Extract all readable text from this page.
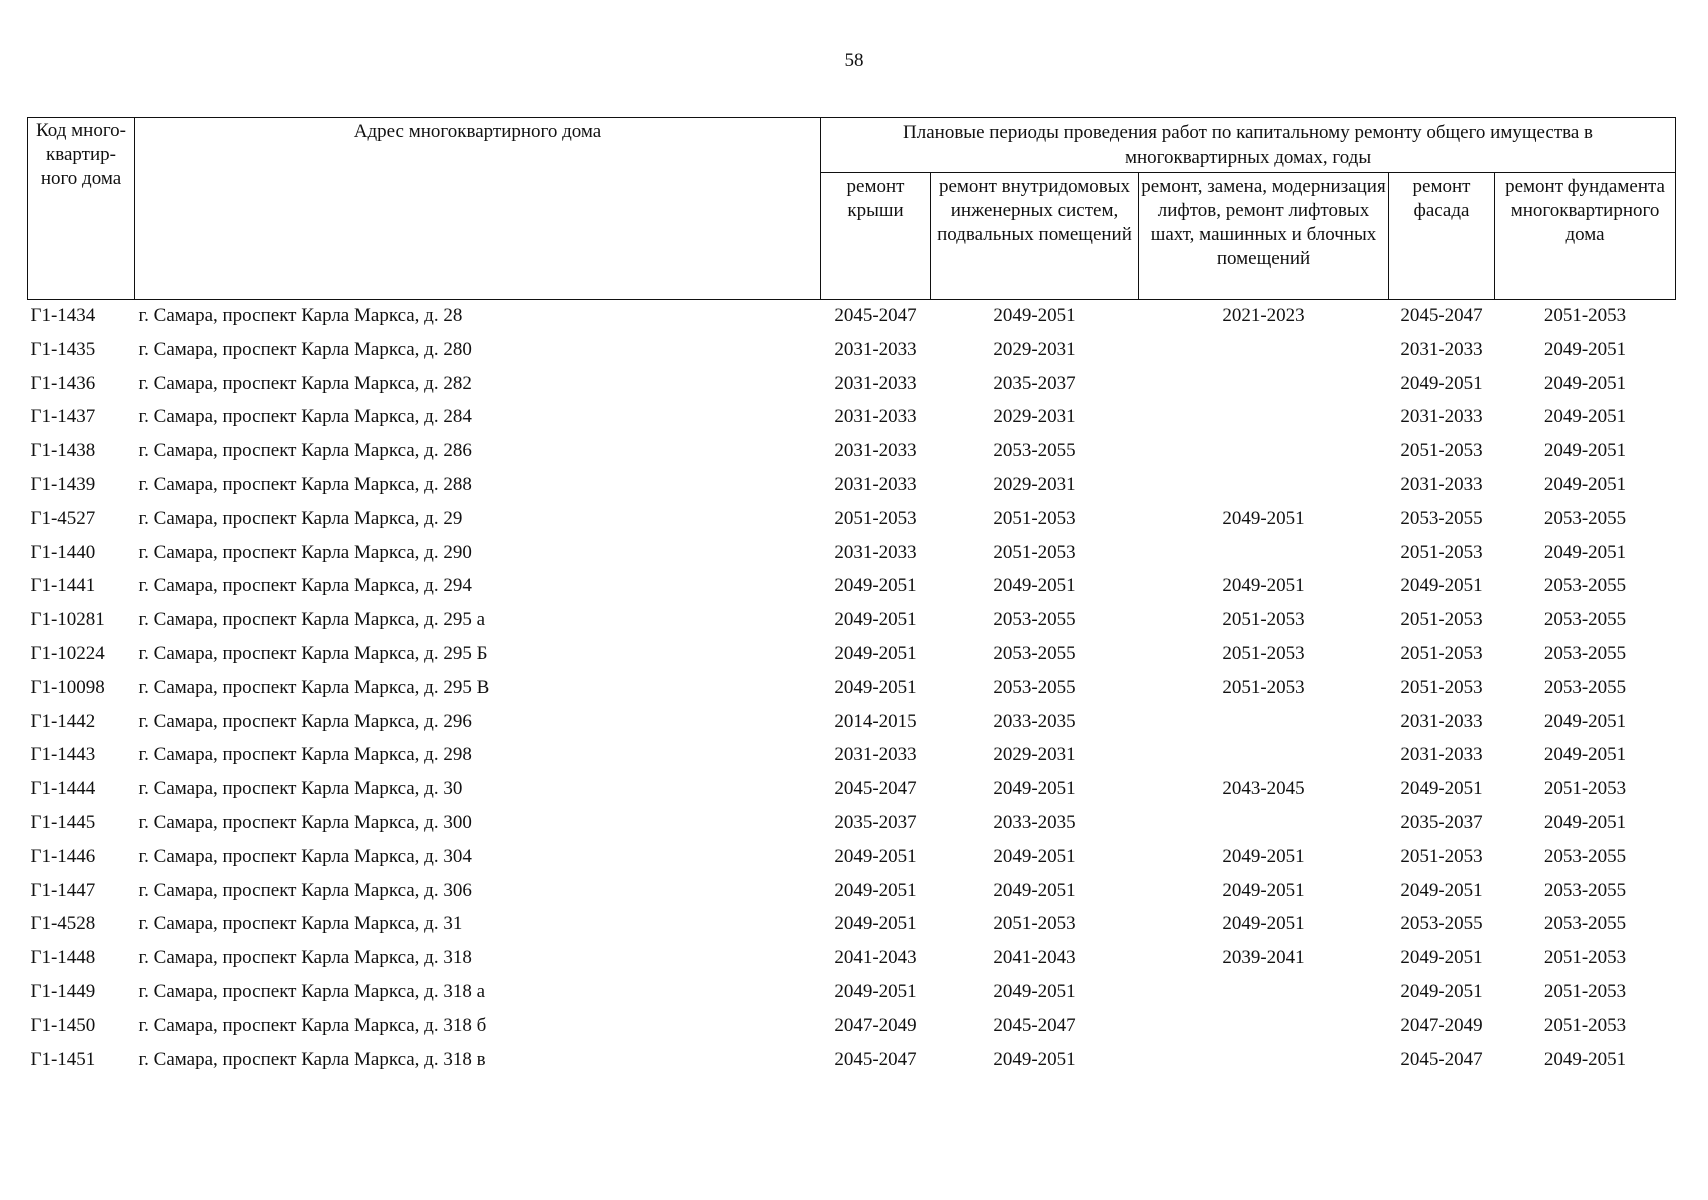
58
Код много-квартир-ного дома	Адрес многоквартирного дома	Плановые периоды проведения работ по капитальному ремонту общего имущества в многоквартирных домах, годы				
		ремонт крыши	ремонт внутридомовых инженерных систем, подвальных помещений	ремонт, замена, модернизация лифтов, ремонт лифтовых шахт, машинных и блочных помещений	ремонт фасада	ремонт фундамента многоквартирного дома
Г1-1434	г. Самара, проспект Карла Маркса, д. 28	2045-2047	2049-2051	2021-2023	2045-2047	2051-2053
Г1-1435	г. Самара, проспект Карла Маркса, д. 280	2031-2033	2029-2031		2031-2033	2049-2051
Г1-1436	г. Самара, проспект Карла Маркса, д. 282	2031-2033	2035-2037		2049-2051	2049-2051
Г1-1437	г. Самара, проспект Карла Маркса, д. 284	2031-2033	2029-2031		2031-2033	2049-2051
Г1-1438	г. Самара, проспект Карла Маркса, д. 286	2031-2033	2053-2055		2051-2053	2049-2051
Г1-1439	г. Самара, проспект Карла Маркса, д. 288	2031-2033	2029-2031		2031-2033	2049-2051
Г1-4527	г. Самара, проспект Карла Маркса, д. 29	2051-2053	2051-2053	2049-2051	2053-2055	2053-2055
Г1-1440	г. Самара, проспект Карла Маркса, д. 290	2031-2033	2051-2053		2051-2053	2049-2051
Г1-1441	г. Самара, проспект Карла Маркса, д. 294	2049-2051	2049-2051	2049-2051	2049-2051	2053-2055
Г1-10281	г. Самара, проспект Карла Маркса, д. 295 а	2049-2051	2053-2055	2051-2053	2051-2053	2053-2055
Г1-10224	г. Самара, проспект Карла Маркса, д. 295 Б	2049-2051	2053-2055	2051-2053	2051-2053	2053-2055
Г1-10098	г. Самара, проспект Карла Маркса, д. 295 В	2049-2051	2053-2055	2051-2053	2051-2053	2053-2055
Г1-1442	г. Самара, проспект Карла Маркса, д. 296	2014-2015	2033-2035		2031-2033	2049-2051
Г1-1443	г. Самара, проспект Карла Маркса, д. 298	2031-2033	2029-2031		2031-2033	2049-2051
Г1-1444	г. Самара, проспект Карла Маркса, д. 30	2045-2047	2049-2051	2043-2045	2049-2051	2051-2053
Г1-1445	г. Самара, проспект Карла Маркса, д. 300	2035-2037	2033-2035		2035-2037	2049-2051
Г1-1446	г. Самара, проспект Карла Маркса, д. 304	2049-2051	2049-2051	2049-2051	2051-2053	2053-2055
Г1-1447	г. Самара, проспект Карла Маркса, д. 306	2049-2051	2049-2051	2049-2051	2049-2051	2053-2055
Г1-4528	г. Самара, проспект Карла Маркса, д. 31	2049-2051	2051-2053	2049-2051	2053-2055	2053-2055
Г1-1448	г. Самара, проспект Карла Маркса, д. 318	2041-2043	2041-2043	2039-2041	2049-2051	2051-2053
Г1-1449	г. Самара, проспект Карла Маркса, д. 318 а	2049-2051	2049-2051		2049-2051	2051-2053
Г1-1450	г. Самара, проспект Карла Маркса, д. 318 б	2047-2049	2045-2047		2047-2049	2051-2053
Г1-1451	г. Самара, проспект Карла Маркса, д. 318 в	2045-2047	2049-2051		2045-2047	2049-2051
